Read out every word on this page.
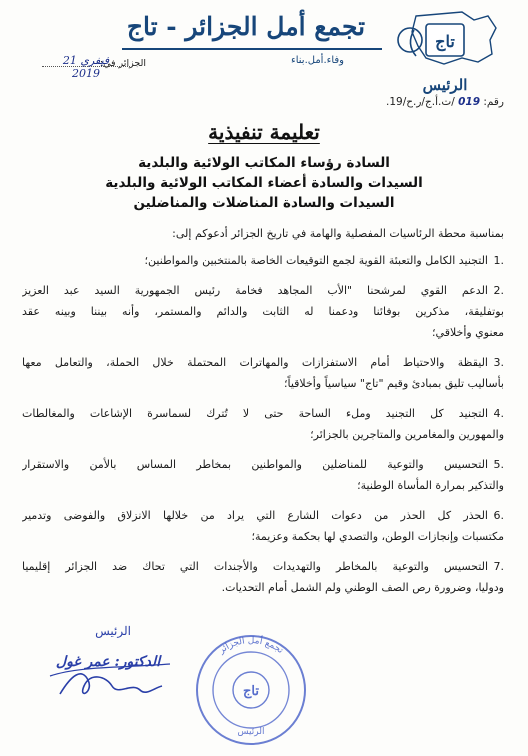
تجمع أمل الجزائر - تاج
وفاء.أمل.بناء
تاج
الجزائر في:
21 فيفري 2019
الرئيس
رقم: 019 /ت.أ.ج/ر.ح/19.
تعليمة تنفيذية
السادة رؤساء المكاتب الولائية والبلدية
السيدات والسادة أعضاء المكاتب الولائية والبلدية
السيدات والسادة المناضلات والمناضلين

بمناسبة محطة الرئاسيات المفصلية والهامة في تاريخ الجزائر أدعوكم إلى:

1.
التجنيد الكامل والتعبئة القوية لجمع التوقيعات الخاصة بالمنتخبين والمواطنين؛
2.
الدعم القوي لمرشحنا "الأب المجاهد فخامة رئيس الجمهورية السيد عبد العزيز
بوتفليقة، مذكرين بوفائنا ودعمنا له الثابت والدائم والمستمر، وأنه بيننا وبينه عقد
معنوي وأخلاقي؛
3.
اليقظة والاحتياط أمام الاستفزازات والمهاترات المحتملة خلال الحملة، والتعامل معها
بأساليب تليق بمبادئ وقيم "تاج" سياسياً وأخلاقياً؛
4.
التجنيد كل التجنيد وملء الساحة حتى لا تُترك لسماسرة الإشاعات والمغالطات
والمهورين والمغامرين والمتاجرين بالجزائر؛
5.
التحسيس والتوعية للمناضلين والمواطنين بمخاطر المساس بالأمن والاستقرار
والتذكير بمرارة المأساة الوطنية؛
6.
الحذر كل الحذر من دعوات الشارع التي يراد من خلالها الانزلاق والفوضى وتدمير
مكتسبات وإنجازات الوطن، والتصدي لها بحكمة وعزيمة؛
7.
التحسيس والتوعية بالمخاطر والتهديدات والأجندات التي تحاك ضد الجزائر إقليميا
ودوليا، وضرورة رص الصف الوطني ولم الشمل أمام التحديات.
الرئيس
الدكتور: عمر غول
تجمع أمل الجزائر
تاج
الرئيس
